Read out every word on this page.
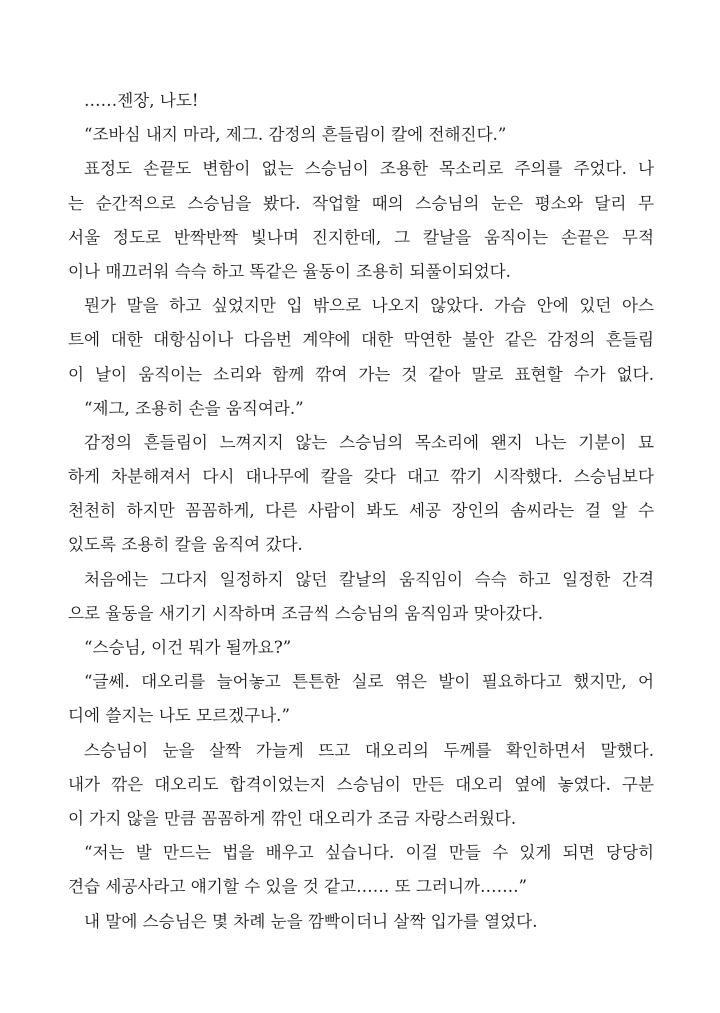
……젠장, 나도!
“조바심 내지 마라, 제그. 감정의 흔들림이 칼에 전해진다.”
표정도 손끝도 변함이 없는 스승님이 조용한 목소리로 주의를 주었다. 나
는 순간적으로 스승님을 봤다. 작업할 때의 스승님의 눈은 평소와 달리 무
서울 정도로 반짝반짝 빛나며 진지한데, 그 칼날을 움직이는 손끝은 무적
이나 매끄러워 슥슥 하고 똑같은 율동이 조용히 되풀이되었다.
뭔가 말을 하고 싶었지만 입 밖으로 나오지 않았다. 가슴 안에 있던 아스
트에 대한 대항심이나 다음번 계약에 대한 막연한 불안 같은 감정의 흔들림
이 날이 움직이는 소리와 함께 깎여 가는 것 같아 말로 표현할 수가 없다.
“제그, 조용히 손을 움직여라.”
감정의 흔들림이 느껴지지 않는 스승님의 목소리에 왠지 나는 기분이 묘
하게 차분해져서 다시 대나무에 칼을 갖다 대고 깎기 시작했다. 스승님보다
천천히 하지만 꼼꼼하게, 다른 사람이 봐도 세공 장인의 솜씨라는 걸 알 수
있도록 조용히 칼을 움직여 갔다.
처음에는 그다지 일정하지 않던 칼날의 움직임이 슥슥 하고 일정한 간격
으로 율동을 새기기 시작하며 조금씩 스승님의 움직임과 맞아갔다.
“스승님, 이건 뭐가 될까요?”
“글쎄. 대오리를 늘어놓고 튼튼한 실로 엮은 발이 필요하다고 했지만, 어
디에 쓸지는 나도 모르겠구나.”
스승님이 눈을 살짝 가늘게 뜨고 대오리의 두께를 확인하면서 말했다.
내가 깎은 대오리도 합격이었는지 스승님이 만든 대오리 옆에 놓였다. 구분
이 가지 않을 만큼 꼼꼼하게 깎인 대오리가 조금 자랑스러웠다.
“저는 발 만드는 법을 배우고 싶습니다. 이걸 만들 수 있게 되면 당당히
견습 세공사라고 얘기할 수 있을 것 같고…… 또 그러니까…….”
내 말에 스승님은 몇 차례 눈을 깜빡이더니 살짝 입가를 열었다.
